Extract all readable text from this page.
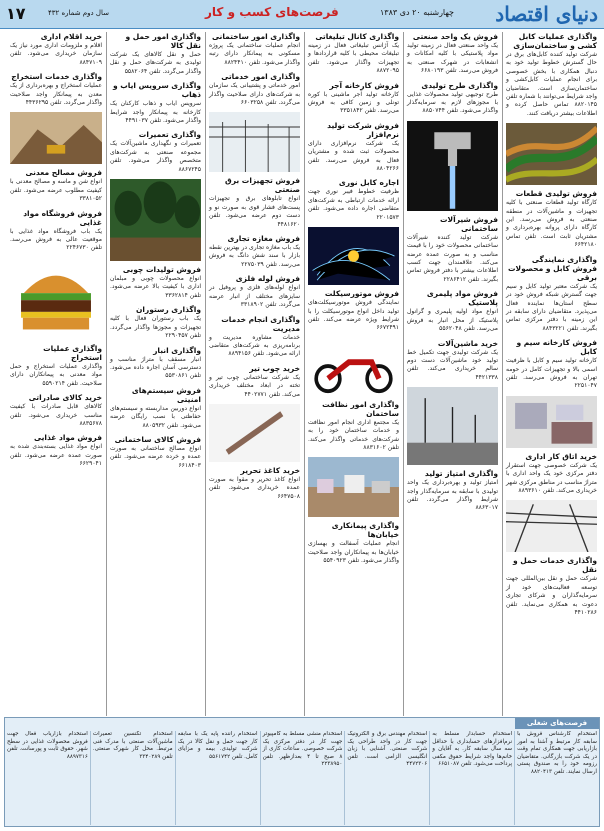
دنیای اقتصاد
چهارشنبه ۲۰ دی ۱۳۸۳
فرصت‌های کسب و کار
سال دوم شماره ۴۳۲
۱۷
واگذاری عملیات کابل کشی و ساختمان‌سازی

شرکت تولید کننده کابل‌های برق در حال گسترش خطوط تولید خود به دنبال همکاری با بخش خصوصی برای انجام عملیات کابل‌کشی و ساختمان‌سازی است. متقاضیان واجد شرایط می‌توانند با شماره تلفن ۸۸۲۰۱۴۵ تماس حاصل کرده و اطلاعات بیشتر دریافت کنند.

فروش تولیدی قطعات

کارگاه تولید قطعات صنعتی با کلیه تجهیزات و ماشین‌آلات در منطقه صنعتی به فروش می‌رسد. این کارگاه دارای پروانه بهره‌برداری و مشتریان ثابت است. تلفن تماس ۶۶۴۲۱۸۰

واگذاری نمایندگی فروش کابل و محصولات برقی

یک شرکت معتبر تولید کابل و سیم جهت گسترش شبکه فروش خود در سطح استان‌ها نماینده فعال می‌پذیرد. متقاضیان دارای سابقه در این زمینه با دفتر مرکزی تماس بگیرند. تلفن ۸۸۴۳۲۲۱

فروش کارخانه سیم و کابل

کارخانه تولید سیم و کابل با ظرفیت اسمی بالا و تجهیزات کامل در حومه تهران به فروش می‌رسد. تلفن ۲۲۵۱۰۴۷

خرید اتاق کار اداری

یک شرکت خصوصی جهت استقرار دفتر مرکزی خود یک واحد اداری با متراژ مناسب در مناطق مرکزی شهر خریداری می‌کند. تلفن ۸۸۹۳۶۱۰

واگذاری خدمات حمل و نقل

شرکت حمل و نقل بین‌المللی جهت توسعه فعالیت‌های خود از سرمایه‌گذاران و شرکای تجاری دعوت به همکاری می‌نماید. تلفن ۴۴۱۰۲۸۶

فروش یک واحد صنعتی

یک واحد صنعتی فعال در زمینه تولید مواد پلاستیکی با کلیه امکانات و انشعابات در شهرک صنعتی به فروش می‌رسد. تلفن ۶۶۸۰۱۹۳

واگذاری طرح تولیدی

طرح توجیهی تولید محصولات غذایی با مجوزهای لازم به سرمایه‌گذار واگذار می‌شود. تلفن ۸۸۵۰۷۴۴

فروش شیرآلات ساختمانی

شرکت تولید کننده شیرآلات ساختمانی محصولات خود را با قیمت مناسب و به صورت عمده عرضه می‌کند. علاقمندان جهت کسب اطلاعات بیشتر با دفتر فروش تماس بگیرند. تلفن ۲۲۸۶۴۱۲

فروش مواد پلیمری پلاستیک

انواع مواد اولیه پلیمری و گرانول پلاستیک از محل انبار به فروش می‌رسد. تلفن ۵۵۶۲۰۴۸

خرید ماشین‌آلات

یک شرکت تولیدی جهت تکمیل خط تولید خود ماشین‌آلات دست دوم سالم خریداری می‌کند. تلفن ۴۴۲۱۳۳۸

واگذاری امتیاز تولید

امتیاز تولید و بهره‌برداری یک واحد تولیدی با سابقه به سرمایه‌گذار واجد شرایط واگذار می‌گردد. تلفن ۸۸۶۳۰۱۷

واگذاری کانال تبلیغاتی

یک آژانس تبلیغاتی فعال در زمینه تبلیغات محیطی با کلیه قراردادها و تجهیزات واگذار می‌شود. تلفن ۸۸۷۲۰۹۵

فروش کارخانه آجر

کارخانه تولید آجر ماشینی با کوره تونلی و زمین کافی به فروش می‌رسد. تلفن ۳۳۵۱۸۴۲

فروش شرکت تولید نرم‌افزار

یک شرکت نرم‌افزاری دارای محصولات ثبت شده و مشتریان فعال به فروش می‌رسد. تلفن ۸۸۰۴۲۶۶

اجاره کابل نوری

ظرفیت خطوط فیبر نوری جهت ارائه خدمات ارتباطی به شرکت‌های متقاضی اجاره داده می‌شود. تلفن ۲۲۰۱۵۷۳

فروش موتورسیکلت

نمایندگی فروش موتورسیکلت‌های تولید داخل انواع موتورسیکلت را با شرایط ویژه عرضه می‌کند. تلفن ۶۶۷۲۴۹۱

واگذاری امور نظافت ساختمان

یک مجتمع اداری انجام امور نظافت و خدمات ساختمان خود را به شرکت‌های خدماتی واگذار می‌کند. تلفن ۸۸۳۱۶۰۲

واگذاری پیمانکاری خیابان‌ها

انجام عملیات آسفالت و بهسازی خیابان‌ها به پیمانکاران واجد صلاحیت واگذار می‌شود. تلفن ۵۵۴۰۹۲۳

واگذاری امور ساختمانی

انجام عملیات ساختمانی یک پروژه مسکونی به پیمانکار دارای رتبه واگذار می‌شود. تلفن ۸۸۲۴۴۱۰

واگذاری امور خدماتی

امور خدماتی و پشتیبانی یک سازمان به شرکت‌های دارای صلاحیت واگذار می‌گردد. تلفن ۶۶۰۳۲۵۸

فروش تجهیزات برق صنعتی

انواع تابلوهای برق و تجهیزات پست‌های فشار قوی به صورت نو و دست دوم عرضه می‌شود. تلفن ۴۴۸۱۶۲۰

فروش مغازه تجاری

یک باب مغازه تجاری در بهترین نقطه بازار با سند شش دانگ به فروش می‌رسد. تلفن ۲۲۷۵۰۳۹

فروش لوله فلزی

انواع لوله‌های فلزی و پروفیل در سایزهای مختلف از انبار عرضه می‌گردد. تلفن ۳۳۱۸۹۰۲

واگذاری انجام خدمات مدیریت

خدمات مشاوره مدیریت و برنامه‌ریزی به شرکت‌های متقاضی ارائه می‌شود. تلفن ۸۸۹۴۱۵۶

خرید چوب تیر

یک شرکت ساختمانی چوب تیر و تخته در ابعاد مختلف خریداری می‌کند. تلفن ۴۴۰۲۷۷۱

خرید کاغذ تحریر

انواع کاغذ تحریر و مقوا به صورت عمده خریداری می‌شود. تلفن ۶۶۴۷۵۰۸

واگذاری امور حمل و نقل کالا

حمل و نقل کالاهای یک شرکت تولیدی به شرکت‌های حمل و نقل واگذار می‌گردد. تلفن ۵۵۸۲۰۶۴

واگذاری سرویس ایاب و ذهاب

سرویس ایاب و ذهاب کارکنان یک کارخانه به پیمانکار واجد شرایط واگذار می‌شود. تلفن ۴۴۹۱۰۳۷

واگذاری تعمیرات

تعمیرات و نگهداری ماشین‌آلات یک مجموعه صنعتی به شرکت‌های متخصص واگذار می‌شود. تلفن ۸۸۶۷۲۴۵

فروش تولیدات چوبی

انواع محصولات چوبی و مبلمان اداری با کیفیت بالا عرضه می‌شود. تلفن ۳۳۶۲۸۱۴

واگذاری رستوران

یک باب رستوران فعال با کلیه تجهیزات و مجوزها واگذار می‌گردد. تلفن ۲۲۹۰۴۵۷

واگذاری انبار

انبار مسقف با متراژ مناسب و دسترسی آسان اجاره داده می‌شود. تلفن ۵۵۳۰۸۶۱

فروش سیستم‌های امنیتی

انواع دوربین مداربسته و سیستم‌های حفاظتی با نصب رایگان عرضه می‌شود. تلفن ۸۸۰۵۹۳۲

فروش کالای ساختمانی

انواع مصالح ساختمانی به صورت عمده و خرده عرضه می‌شود. تلفن ۶۶۱۸۴۰۳

خرید اقلام اداری

اقلام و ملزومات اداری مورد نیاز یک سازمان خریداری می‌شود. تلفن ۸۸۴۷۱۰۹

واگذاری خدمات استخراج

عملیات استخراج و بهره‌برداری از یک معدن به پیمانکار واجد صلاحیت واگذار می‌گردد. تلفن ۴۴۳۶۲۹۵

فروش مصالح معدنی

انواع شن و ماسه و مصالح معدنی با کیفیت مطلوب عرضه می‌شود. تلفن ۳۳۸۱۰۵۲

فروش فروشگاه مواد غذایی

یک باب فروشگاه مواد غذایی با موقعیت عالی به فروش می‌رسد. تلفن ۲۲۴۶۷۳۰

واگذاری عملیات استخراج

واگذاری عملیات استخراج و حمل مواد معدنی به پیمانکاران دارای صلاحیت. تلفن ۵۵۹۰۲۱۴

خرید کالای صادراتی

کالاهای قابل صادرات با کیفیت مناسب خریداری می‌شود. تلفن ۸۸۳۵۶۷۸

فروش مواد غذایی

انواع مواد غذایی بسته‌بندی شده به صورت عمده عرضه می‌شود. تلفن ۶۶۲۹۰۴۱

فرصت‌های شغلی
استخدام کارشناس فروش با سابقه کار مرتبط و آشنا به امور بازاریابی جهت همکاری تمام وقت در یک شرکت بازرگانی. متقاضیان رزومه خود را به صندوق پستی ارسال نمایند. تلفن ۸۸۲۰۴۱۳
استخدام حسابدار مسلط به نرم‌افزارهای حسابداری با حداقل سه سال سابقه کار. به آقایان و خانم‌ها واجد شرایط حقوق مکفی پرداخت می‌شود. تلفن ۶۶۵۱۰۸۷
استخدام مهندس برق و الکترونیک جهت کار در واحد طراحی یک شرکت صنعتی. آشنایی با زبان انگلیسی الزامی است. تلفن ۴۴۷۲۳۰۶
استخدام منشی مسلط به کامپیوتر جهت کار در دفتر مرکزی یک شرکت خصوصی. ساعات کاری از ۸ صبح تا ۴ بعدازظهر. تلفن ۲۲۳۸۹۵۰
استخدام راننده پایه یک با سابقه کار جهت حمل و نقل کالا در یک شرکت تولیدی. بیمه و مزایای کامل. تلفن ۵۵۶۱۷۴۲
استخدام تکنسین تعمیرات ماشین‌آلات صنعتی با مدرک فنی مرتبط. محل کار شهرک صنعتی. تلفن ۳۳۴۰۲۸۹
استخدام بازاریاب فعال جهت فروش محصولات غذایی در سطح شهر. حقوق ثابت و پورسانت. تلفن ۸۸۹۷۳۱۶
